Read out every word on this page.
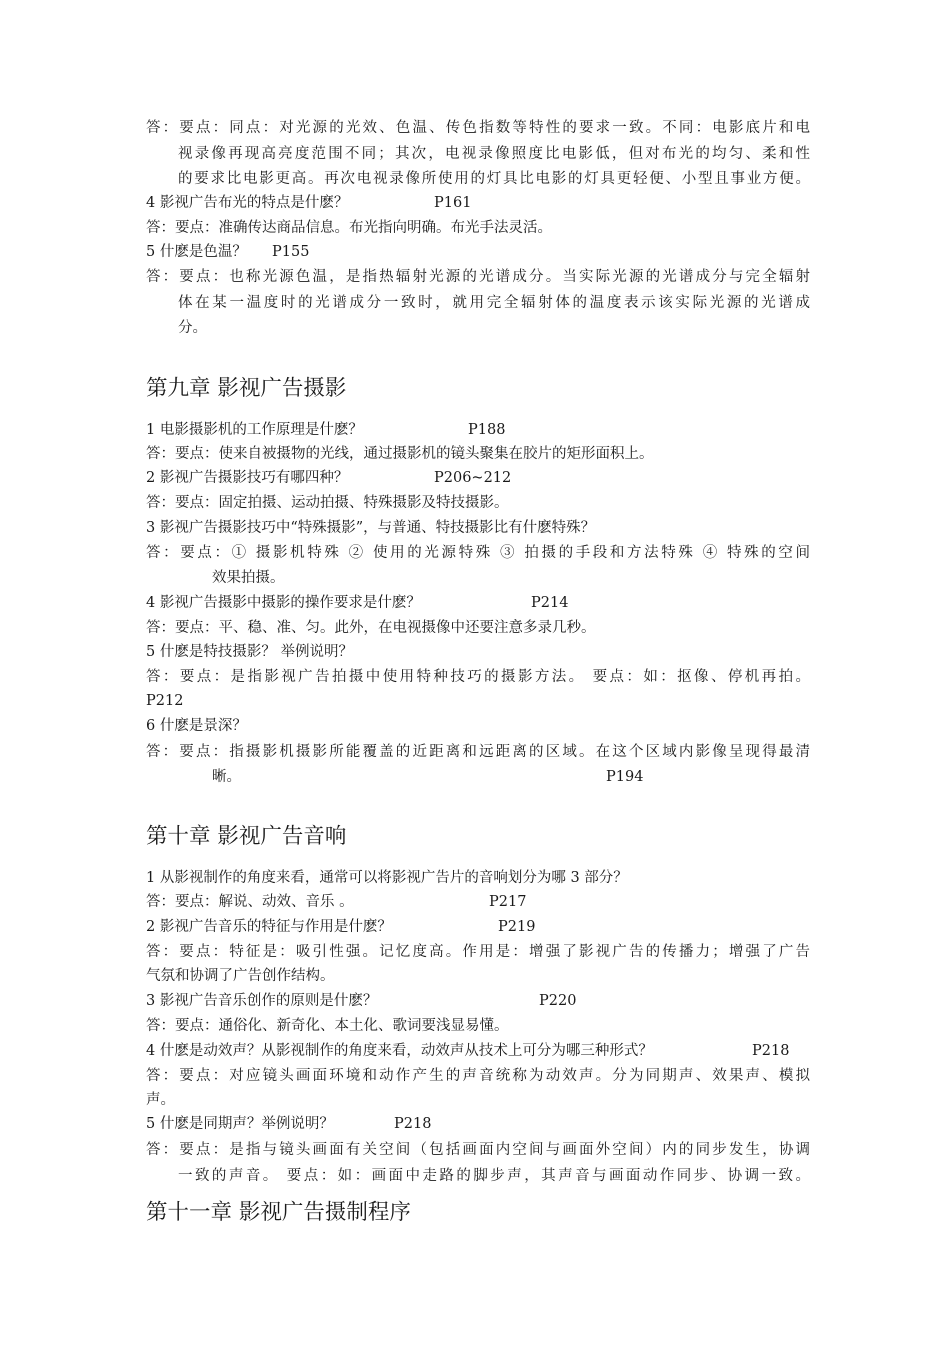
答：要点：同点：对光源的光效、色温、传色指数等特性的要求一致。不同：电影底片和电
视录像再现高亮度范围不同；其次，电视录像照度比电影低，但对布光的均匀、柔和性
的要求比电影更高。再次电视录像所使用的灯具比电影的灯具更轻便、小型且事业方便。
4 影视广告布光的特点是什麽？	P161
答：要点：准确传达商品信息。布光指向明确。布光手法灵活。
5 什麽是色温？ P155
答：要点：也称光源色温，是指热辐射光源的光谱成分。当实际光源的光谱成分与完全辐射
体在某一温度时的光谱成分一致时，就用完全辐射体的温度表示该实际光源的光谱成
分。
第九章 影视广告摄影
1 电影摄影机的工作原理是什麽？	P188
答：要点：使来自被摄物的光线，通过摄影机的镜头聚集在胶片的矩形面积上。
2 影视广告摄影技巧有哪四种？	P206~212
答：要点：固定拍摄、运动拍摄、特殊摄影及特技摄影。
3 影视广告摄影技巧中“特殊摄影”，与普通、特技摄影比有什麽特殊？
答：要点：① 摄影机特殊 ② 使用的光源特殊 ③ 拍摄的手段和方法特殊 ④ 特殊的空间
效果拍摄。
4 影视广告摄影中摄影的操作要求是什麽？	P214
答：要点：平、稳、准、匀。此外，在电视摄像中还要注意多录几秒。
5 什麽是特技摄影？ 举例说明？
答：要点：是指影视广告拍摄中使用特种技巧的摄影方法。 要点：如：抠像、停机再拍。
P212
6 什麽是景深？
答：要点：指摄影机摄影所能覆盖的近距离和远距离的区域。在这个区域内影像呈现得最清
晰。	P194
第十章 影视广告音响
1 从影视制作的角度来看，通常可以将影视广告片的音响划分为哪 3 部分？
答：要点：解说、动效、音乐 。	P217
2 影视广告音乐的特征与作用是什麽？	P219
答：要点：特征是：吸引性强。记忆度高。作用是：增强了影视广告的传播力；增强了广告
气氛和协调了广告创作结构。
3 影视广告音乐创作的原则是什麽？	P220
答：要点：通俗化、新奇化、本土化、歌词要浅显易懂。
4 什麽是动效声？从影视制作的角度来看，动效声从技术上可分为哪三种形式？	P218
答：要点：对应镜头画面环境和动作产生的声音统称为动效声。分为同期声、效果声、模拟
声。
5 什麽是同期声？举例说明？	P218
答：要点：是指与镜头画面有关空间（包括画面内空间与画面外空间）内的同步发生，协调
一致的声音。 要点：如：画面中走路的脚步声，其声音与画面动作同步、协调一致。
第十一章 影视广告摄制程序
